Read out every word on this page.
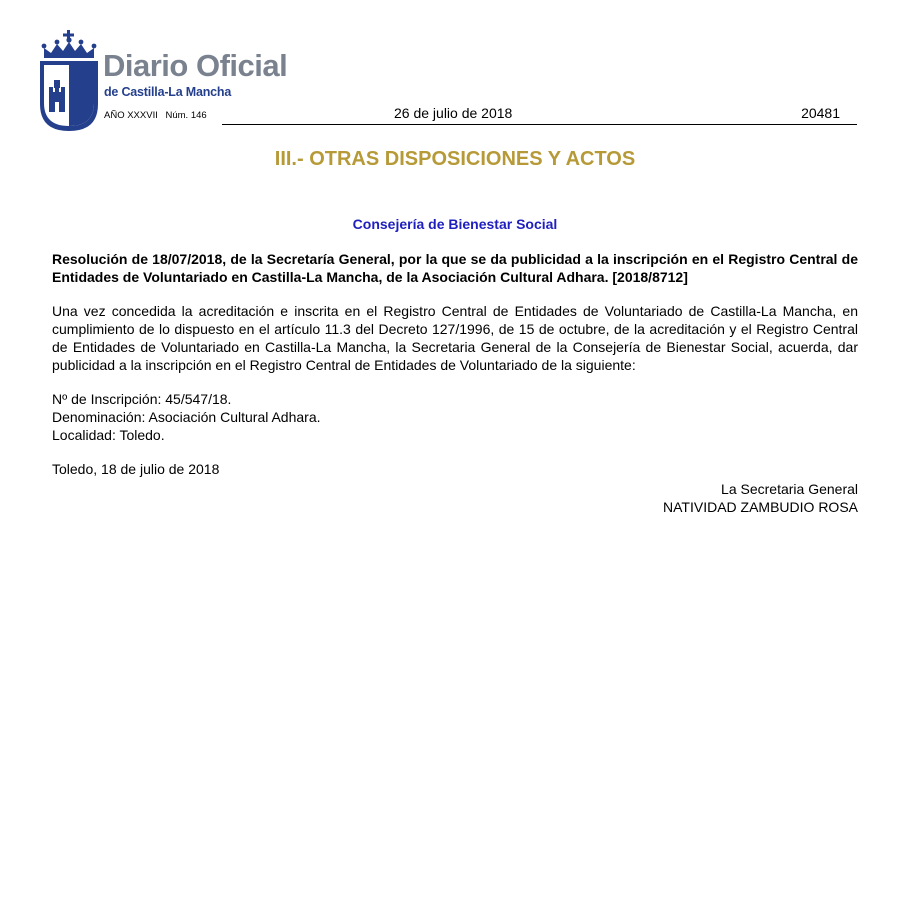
Diario Oficial
de Castilla-La Mancha
AÑO XXXVII Núm. 146	26 de julio de 2018	20481
III.- OTRAS DISPOSICIONES Y ACTOS
Consejería de Bienestar Social

Resolución de 18/07/2018, de la Secretaría General, por la que se da publicidad a la inscripción en el Registro Central de Entidades de Voluntariado en Castilla-La Mancha, de la Asociación Cultural Adhara. [2018/8712]

Una vez concedida la acreditación e inscrita en el Registro Central de Entidades de Voluntariado de Castilla-La Mancha, en cumplimiento de lo dispuesto en el artículo 11.3 del Decreto 127/1996, de 15 de octubre, de la acreditación y el Registro Central de Entidades de Voluntariado en Castilla-La Mancha, la Secretaria General de la Consejería de Bienestar Social, acuerda, dar publicidad a la inscripción en el Registro Central de Entidades de Voluntariado de la siguiente:

Nº de Inscripción: 45/547/18.
Denominación: Asociación Cultural Adhara.
Localidad: Toledo.
Toledo, 18 de julio de 2018
La Secretaria General
NATIVIDAD ZAMBUDIO ROSA
